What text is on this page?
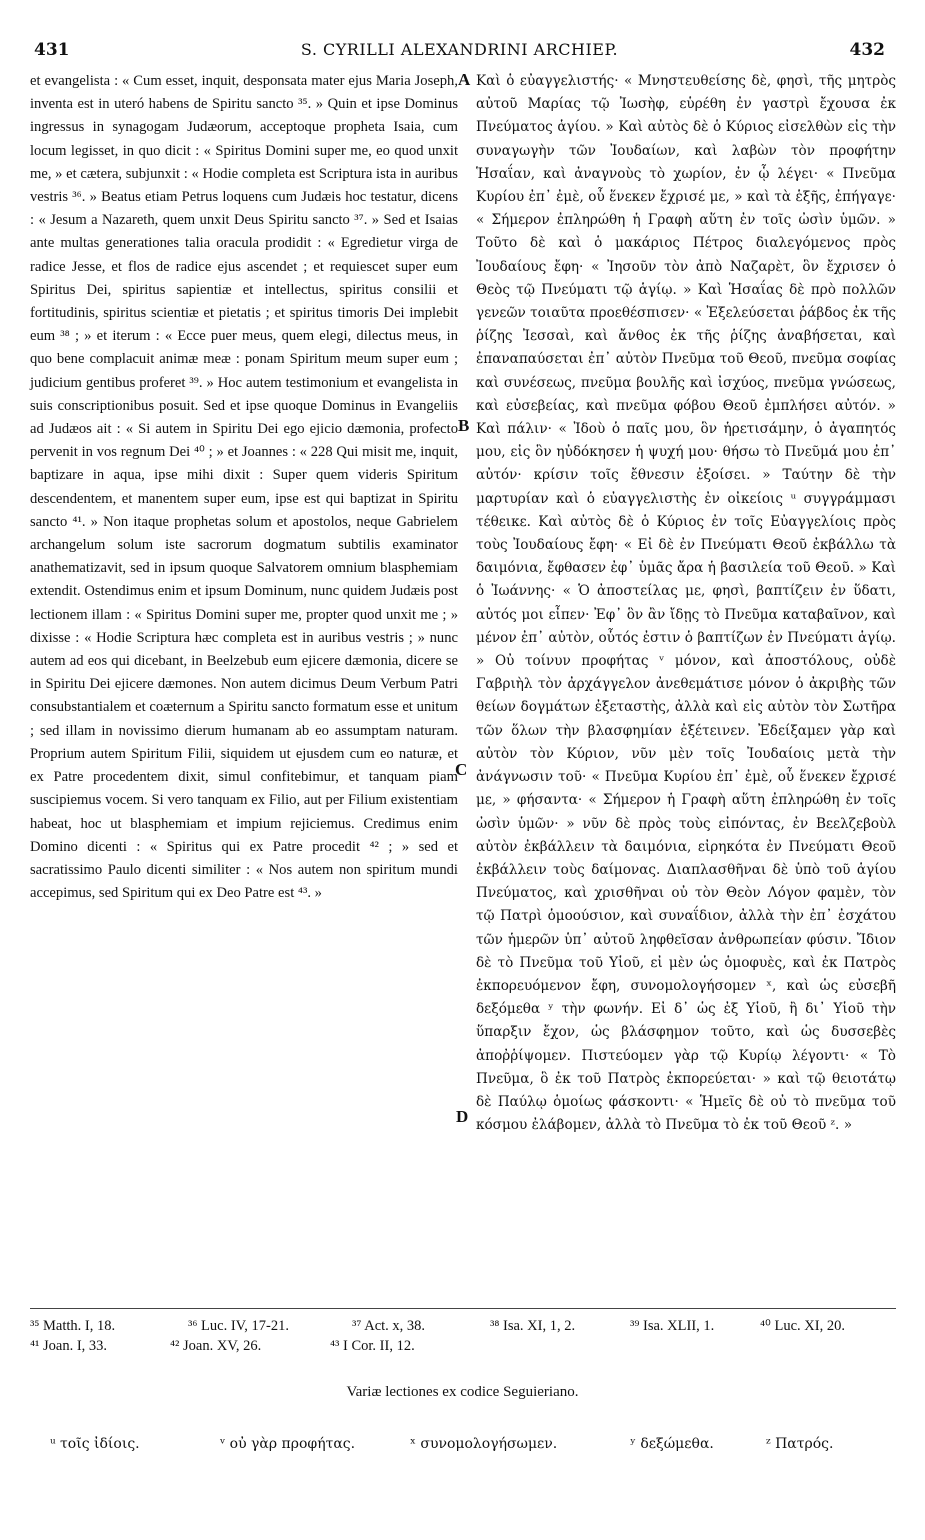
431	S. CYRILLI ALEXANDRINI ARCHIEP.	432

et evangelista : « Cum esset, inquit, desponsata mater ejus Maria Joseph, inventa est in uteró habens de Spiritu sancto ³⁵. » Quin et ipse Dominus ingressus in synagogam Judæorum, acceptoque propheta Isaia, cum locum legisset, in quo dicit : « Spiritus Domini super me, eo quod unxit me, » et cætera, subjunxit : « Hodie completa est Scriptura ista in auribus vestris ³⁶. » Beatus etiam Petrus loquens cum Judæis hoc testatur, dicens : « Jesum a Nazareth, quem unxit Deus Spiritu sancto ³⁷. » Sed et Isaias ante multas generationes talia oracula prodidit : « Egredietur virga de radice Jesse, et flos de radice ejus ascendet ; et requiescet super eum Spiritus Dei, spiritus sapientiæ et intellectus, spiritus consilii et fortitudinis, spiritus scientiæ et pietatis ; et spiritus timoris Dei implebit eum ³⁸ ; » et iterum : « Ecce puer meus, quem elegi, dilectus meus, in quo bene complacuit animæ meæ : ponam Spiritum meum super eum ; judicium gentibus proferet ³⁹. » Hoc autem testimonium et evangelista in suis conscriptionibus posuit. Sed et ipse quoque Dominus in Evangeliis ad Judæos ait : « Si autem in Spiritu Dei ego ejicio dæmonia, profecto pervenit in vos regnum Dei ⁴⁰ ; » et Joannes : « 228 Qui misit me, inquit, baptizare in aqua, ipse mihi dixit : Super quem videris Spiritum descendentem, et manentem super eum, ipse est qui baptizat in Spiritu sancto ⁴¹. » Non itaque prophetas solum et apostolos, neque Gabrielem archangelum solum iste sacrorum dogmatum subtilis examinator anathematizavit, sed in ipsum quoque Salvatorem omnium blasphemiam extendit. Ostendimus enim et ipsum Dominum, nunc quidem Judæis post lectionem illam : « Spiritus Domini super me, propter quod unxit me ; » dixisse : « Hodie Scriptura hæc completa est in auribus vestris ; » nunc autem ad eos qui dicebant, in Beelzebub eum ejicere dæmonia, dicere se in Spiritu Dei ejicere dæmones. Non autem dicimus Deum Verbum Patri consubstantialem et coæternum a Spiritu sancto formatum esse et unitum ; sed illam in novissimo dierum humanam ab eo assumptam naturam. Proprium autem Spiritum Filii, siquidem ut ejusdem cum eo naturæ, et ex Patre procedentem dixit, simul confitebimur, et tanquam piam suscipiemus vocem. Si vero tanquam ex Filio, aut per Filium existentiam habeat, hoc ut blasphemiam et impium rejiciemus. Credimus enim Domino dicenti : « Spiritus qui ex Patre procedit ⁴² ; » sed et sacratissimo Paulo dicenti similiter : « Nos autem non spiritum mundi accepimus, sed Spiritum qui ex Deo Patre est ⁴³. »

A
B
C
D

Καὶ ὁ εὐαγγελιστής· « Μνηστευθείσης δὲ, φησὶ, τῆς μητρὸς αὐτοῦ Μαρίας τῷ Ἰωσὴφ, εὑρέθη ἐν γαστρὶ ἔχουσα ἐκ Πνεύματος ἁγίου. » Καὶ αὐτὸς δὲ ὁ Κύριος εἰσελθὼν εἰς τὴν συναγωγὴν τῶν Ἰουδαίων, καὶ λαβὼν τὸν προφήτην Ἡσαΐαν, καὶ ἀναγνοὺς τὸ χωρίον, ἐν ᾧ λέγει· « Πνεῦμα Κυρίου ἐπ᾽ ἐμὲ, οὗ ἕνεκεν ἔχρισέ με, » καὶ τὰ ἑξῆς, ἐπήγαγε· « Σήμερον ἐπληρώθη ἡ Γραφὴ αὕτη ἐν τοῖς ὠσὶν ὑμῶν. » Τοῦτο δὲ καὶ ὁ μακάριος Πέτρος διαλεγόμενος πρὸς Ἰουδαίους ἔφη· « Ἰησοῦν τὸν ἀπὸ Ναζαρὲτ, ὃν ἔχρισεν ὁ Θεὸς τῷ Πνεύματι τῷ ἁγίῳ. » Καὶ Ἡσαΐας δὲ πρὸ πολλῶν γενεῶν τοιαῦτα προεθέσπισεν· « Ἐξελεύσεται ῥάβδος ἐκ τῆς ῥίζης Ἰεσσαὶ, καὶ ἄνθος ἐκ τῆς ῥίζης ἀναβήσεται, καὶ ἐπαναπαύσεται ἐπ᾽ αὐτὸν Πνεῦμα τοῦ Θεοῦ, πνεῦμα σοφίας καὶ συνέσεως, πνεῦμα βουλῆς καὶ ἰσχύος, πνεῦμα γνώσεως, καὶ εὐσεβείας, καὶ πνεῦμα φόβου Θεοῦ ἐμπλήσει αὐτόν. » Καὶ πάλιν· « Ἰδοὺ ὁ παῖς μου, ὃν ἡρετισάμην, ὁ ἀγαπητός μου, εἰς ὃν ηὐδόκησεν ἡ ψυχή μου· θήσω τὸ Πνεῦμά μου ἐπ᾽ αὐτόν· κρίσιν τοῖς ἔθνεσιν ἐξοίσει. » Ταύτην δὲ τὴν μαρτυρίαν καὶ ὁ εὐαγγελιστὴς ἐν οἰκείοις ᵘ συγγράμμασι τέθεικε. Καὶ αὐτὸς δὲ ὁ Κύριος ἐν τοῖς Εὐαγγελίοις πρὸς τοὺς Ἰουδαίους ἔφη· « Εἰ δὲ ἐν Πνεύματι Θεοῦ ἐκβάλλω τὰ δαιμόνια, ἔφθασεν ἐφ᾽ ὑμᾶς ἄρα ἡ βασιλεία τοῦ Θεοῦ. » Καὶ ὁ Ἰωάννης· « Ὁ ἀποστείλας με, φησὶ, βαπτίζειν ἐν ὕδατι, αὐτός μοι εἶπεν· Ἐφ᾽ ὃν ἂν ἴδῃς τὸ Πνεῦμα καταβαῖνον, καὶ μένον ἐπ᾽ αὐτὸν, οὗτός ἐστιν ὁ βαπτίζων ἐν Πνεύματι ἁγίῳ. » Οὐ τοίνυν προφήτας ᵛ μόνον, καὶ ἀποστόλους, οὐδὲ Γαβριὴλ τὸν ἀρχάγγελον ἀνεθεμάτισε μόνον ὁ ἀκριβὴς τῶν θείων δογμάτων ἐξεταστὴς, ἀλλὰ καὶ εἰς αὐτὸν τὸν Σωτῆρα τῶν ὅλων τὴν βλασφημίαν ἐξέτεινεν. Ἐδείξαμεν γὰρ καὶ αὐτὸν τὸν Κύριον, νῦν μὲν τοῖς Ἰουδαίοις μετὰ τὴν ἀνάγνωσιν τοῦ· « Πνεῦμα Κυρίου ἐπ᾽ ἐμὲ, οὗ ἕνεκεν ἔχρισέ με, » φήσαντα· « Σήμερον ἡ Γραφὴ αὕτη ἐπληρώθη ἐν τοῖς ὠσὶν ὑμῶν· » νῦν δὲ πρὸς τοὺς εἰπόντας, ἐν Βεελζεβοὺλ αὐτὸν ἐκβάλλειν τὰ δαιμόνια, εἰρηκότα ἐν Πνεύματι Θεοῦ ἐκβάλλειν τοὺς δαίμονας. Διαπλασθῆναι δὲ ὑπὸ τοῦ ἁγίου Πνεύματος, καὶ χρισθῆναι οὐ τὸν Θεὸν Λόγον φαμὲν, τὸν τῷ Πατρὶ ὁμοούσιον, καὶ συναΐδιον, ἀλλὰ τὴν ἐπ᾽ ἐσχάτου τῶν ἡμερῶν ὑπ᾽ αὐτοῦ ληφθεῖσαν ἀνθρωπείαν φύσιν. Ἴδιον δὲ τὸ Πνεῦμα τοῦ Υἱοῦ, εἰ μὲν ὡς ὁμοφυὲς, καὶ ἐκ Πατρὸς ἐκπορευόμενον ἔφη, συνομολογήσομεν ˣ, καὶ ὡς εὐσεβῆ δεξόμεθα ʸ τὴν φωνήν. Εἰ δ᾽ ὡς ἐξ Υἱοῦ, ἢ δι᾽ Υἱοῦ τὴν ὕπαρξιν ἔχον, ὡς βλάσφημον τοῦτο, καὶ ὡς δυσσεβὲς ἀποῤῥίψομεν. Πιστεύομεν γὰρ τῷ Κυρίῳ λέγοντι· « Τὸ Πνεῦμα, ὃ ἐκ τοῦ Πατρὸς ἐκπορεύεται· » καὶ τῷ θειοτάτῳ δὲ Παύλῳ ὁμοίως φάσκοντι· « Ἡμεῖς δὲ οὐ τὸ πνεῦμα τοῦ κόσμου ἐλάβομεν, ἀλλὰ τὸ Πνεῦμα τὸ ἐκ τοῦ Θεοῦ ᶻ. »

³⁵ Matth. I, 18.	³⁶ Luc. IV, 17-21.	³⁷ Act. x, 38.	³⁸ Isa. XI, 1, 2.	³⁹ Isa. XLII, 1.	⁴⁰ Luc. XI, 20.
⁴¹ Joan. I, 33.	⁴² Joan. XV, 26.	⁴³ I Cor. II, 12.
Variæ lectiones ex codice Seguieriano.
ᵘ τοῖς ἰδίοις.	ᵛ οὐ γὰρ προφήτας.	ˣ συνομολογήσωμεν.	ʸ δεξώμεθα.	ᶻ Πατρός.
